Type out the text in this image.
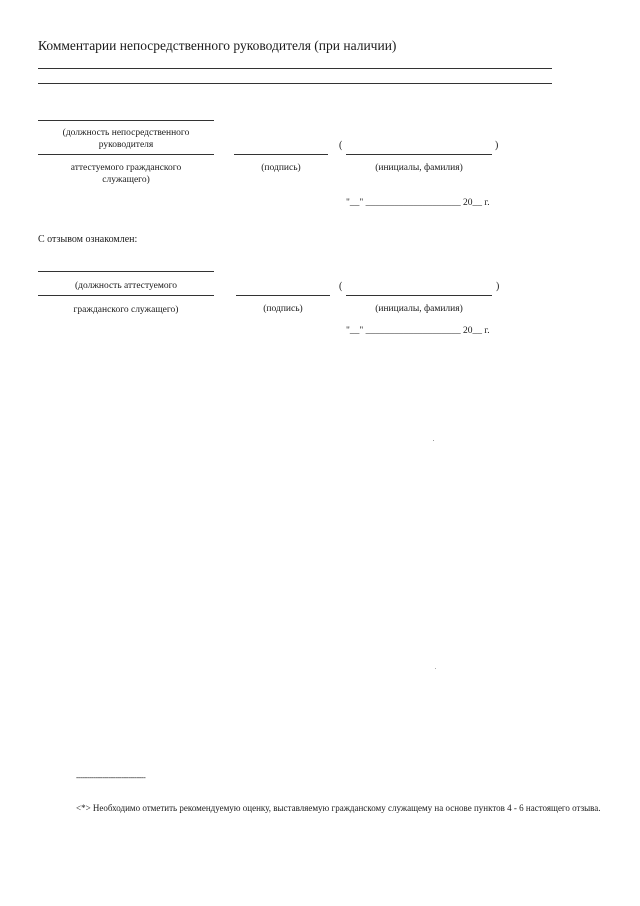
Комментарии непосредственного руководителя (при наличии)
(должность непосредственного
руководителя
аттестуемого гражданского
служащего)
(подпись)
(	)
(инициалы, фамилия)
"__" ____________________ 20__ г.
С отзывом ознакомлен:
(должность аттестуемого
гражданского служащего)	(подпись)
(	)
(инициалы, фамилия)
"__" ____________________ 20__ г.
--------------------------------
<*> Необходимо отметить рекомендуемую оценку, выставляемую гражданскому служащему на основе пунктов 4 - 6 настоящего отзыва.
